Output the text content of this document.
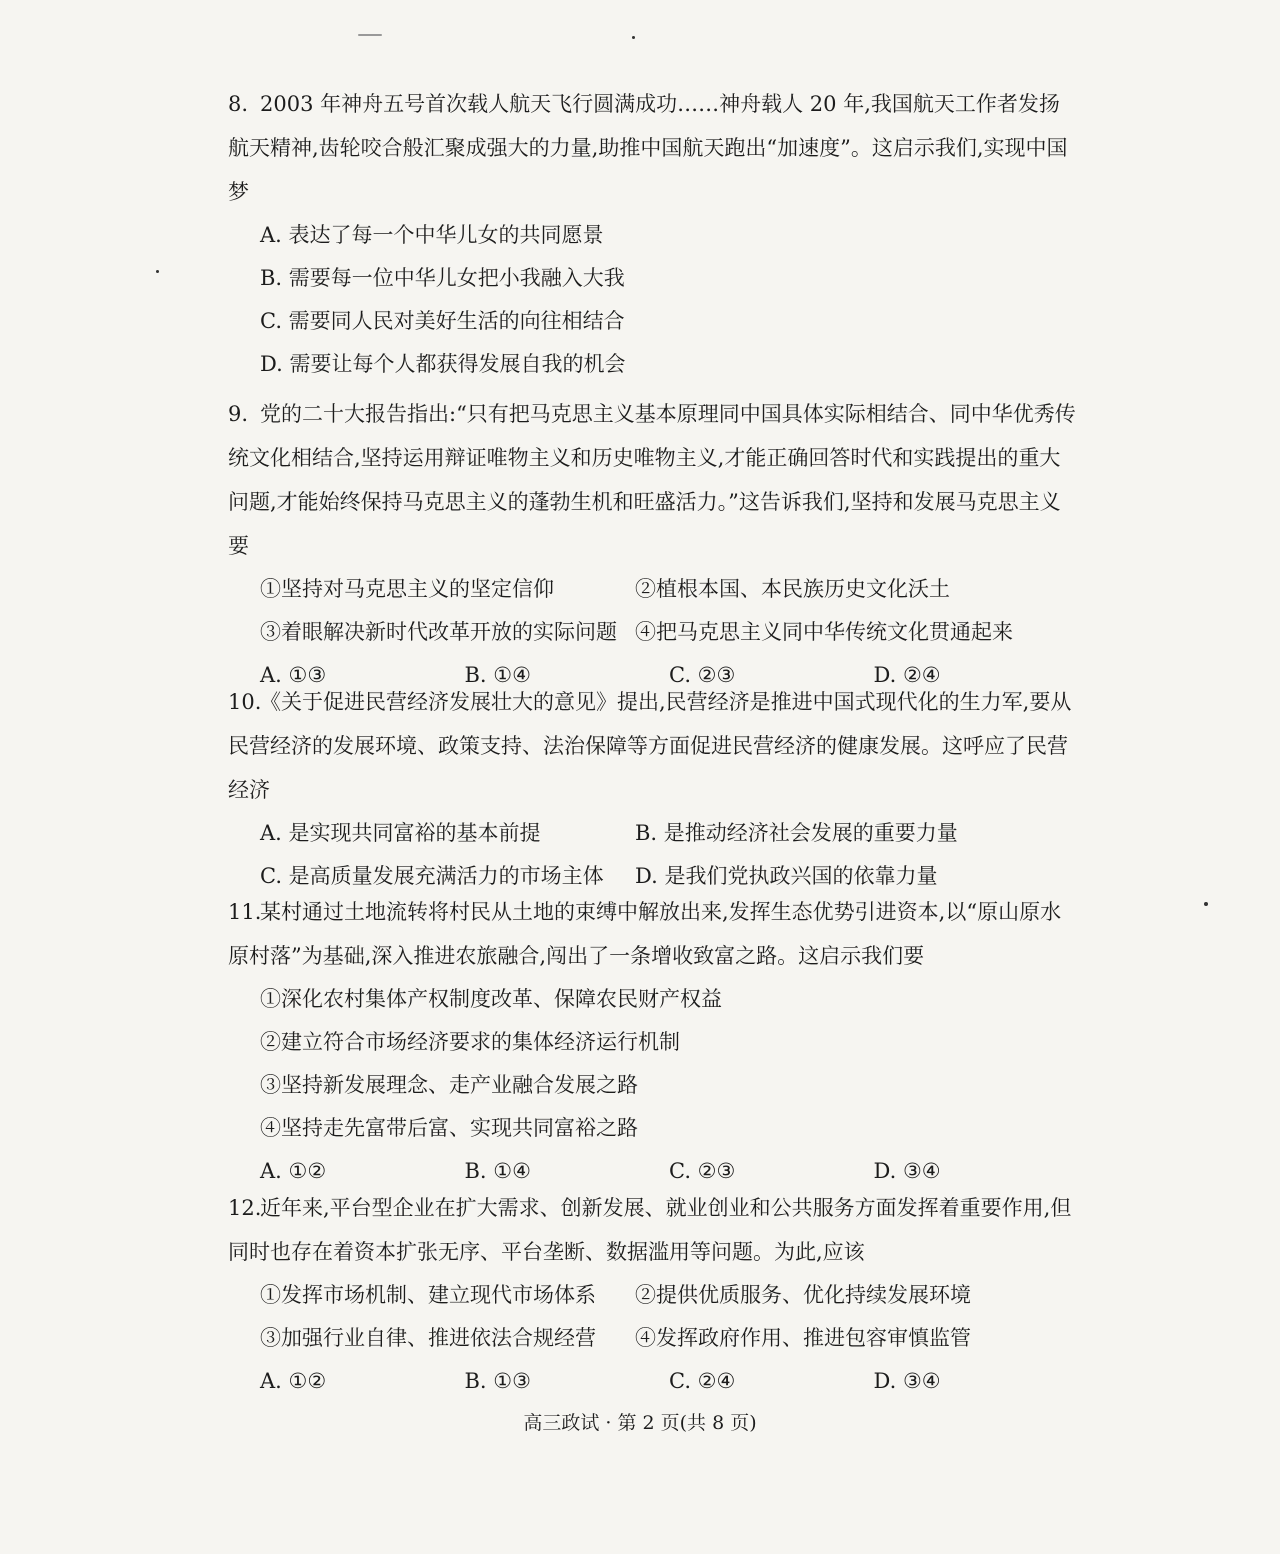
8. 2003 年神舟五号首次载人航天飞行圆满成功……神舟载人 20 年,我国航天工作者发扬航天精神,齿轮咬合般汇聚成强大的力量,助推中国航天跑出“加速度”。这启示我们,实现中国梦

A. 表达了每一个中华儿女的共同愿景

B. 需要每一位中华儿女把小我融入大我

C. 需要同人民对美好生活的向往相结合

D. 需要让每个人都获得发展自我的机会

9. 党的二十大报告指出:“只有把马克思主义基本原理同中国具体实际相结合、同中华优秀传统文化相结合,坚持运用辩证唯物主义和历史唯物主义,才能正确回答时代和实践提出的重大问题,才能始终保持马克思主义的蓬勃生机和旺盛活力。”这告诉我们,坚持和发展马克思主义要

①坚持对马克思主义的坚定信仰	②植根本国、本民族历史文化沃土
③着眼解决新时代改革开放的实际问题 ④把马克思主义同中华传统文化贯通起来
A. ①③	B. ①④	C. ②③	D. ②④

10.《关于促进民营经济发展壮大的意见》提出,民营经济是推进中国式现代化的生力军,要从民营经济的发展环境、政策支持、法治保障等方面促进民营经济的健康发展。这呼应了民营经济

A. 是实现共同富裕的基本前提	B. 是推动经济社会发展的重要力量
C. 是高质量发展充满活力的市场主体	D. 是我们党执政兴国的依靠力量

11.某村通过土地流转将村民从土地的束缚中解放出来,发挥生态优势引进资本,以“原山原水原村落”为基础,深入推进农旅融合,闯出了一条增收致富之路。这启示我们要

①深化农村集体产权制度改革、保障农民财产权益

②建立符合市场经济要求的集体经济运行机制

③坚持新发展理念、走产业融合发展之路

④坚持走先富带后富、实现共同富裕之路

A. ①②	B. ①④	C. ②③	D. ③④

12.近年来,平台型企业在扩大需求、创新发展、就业创业和公共服务方面发挥着重要作用,但同时也存在着资本扩张无序、平台垄断、数据滥用等问题。为此,应该

①发挥市场机制、建立现代市场体系	②提供优质服务、优化持续发展环境
③加强行业自律、推进依法合规经营	④发挥政府作用、推进包容审慎监管
A. ①②	B. ①③	C. ②④	D. ③④
高三政试 · 第 2 页(共 8 页)
